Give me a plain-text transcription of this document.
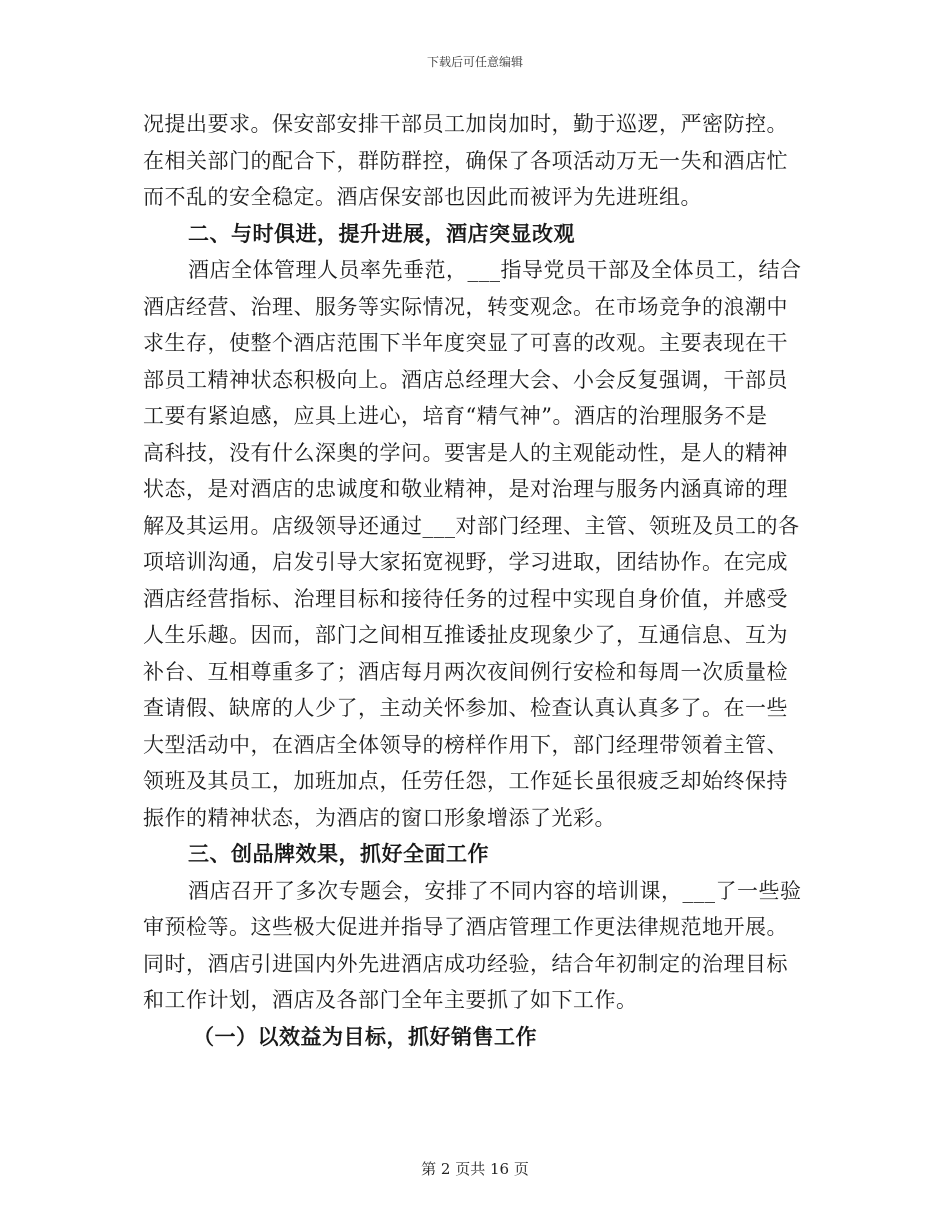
下载后可任意编辑
况提出要求。保安部安排干部员工加岗加时，勤于巡逻，严密防控。
在相关部门的配合下，群防群控，确保了各项活动万无一失和酒店忙
而不乱的安全稳定。酒店保安部也因此而被评为先进班组。
二、与时俱进，提升进展，酒店突显改观
酒店全体管理人员率先垂范，___指导党员干部及全体员工，结合
酒店经营、治理、服务等实际情况，转变观念。在市场竞争的浪潮中
求生存，使整个酒店范围下半年度突显了可喜的改观。主要表现在干
部员工精神状态积极向上。酒店总经理大会、小会反复强调，干部员
工要有紧迫感，应具上进心，培育“精气神”。酒店的治理服务不是
高科技，没有什么深奥的学问。要害是人的主观能动性，是人的精神
状态，是对酒店的忠诚度和敬业精神，是对治理与服务内涵真谛的理
解及其运用。店级领导还通过___对部门经理、主管、领班及员工的各
项培训沟通，启发引导大家拓宽视野，学习进取，团结协作。在完成
酒店经营指标、治理目标和接待任务的过程中实现自身价值，并感受
人生乐趣。因而，部门之间相互推诿扯皮现象少了，互通信息、互为
补台、互相尊重多了；酒店每月两次夜间例行安检和每周一次质量检
查请假、缺席的人少了，主动关怀参加、检查认真认真多了。在一些
大型活动中，在酒店全体领导的榜样作用下，部门经理带领着主管、
领班及其员工，加班加点，任劳任怨，工作延长虽很疲乏却始终保持
振作的精神状态，为酒店的窗口形象增添了光彩。
三、创品牌效果，抓好全面工作
酒店召开了多次专题会，安排了不同内容的培训课，___了一些验
审预检等。这些极大促进并指导了酒店管理工作更法律规范地开展。
同时，酒店引进国内外先进酒店成功经验，结合年初制定的治理目标
和工作计划，酒店及各部门全年主要抓了如下工作。
（一）以效益为目标，抓好销售工作
第 2 页共 16 页
